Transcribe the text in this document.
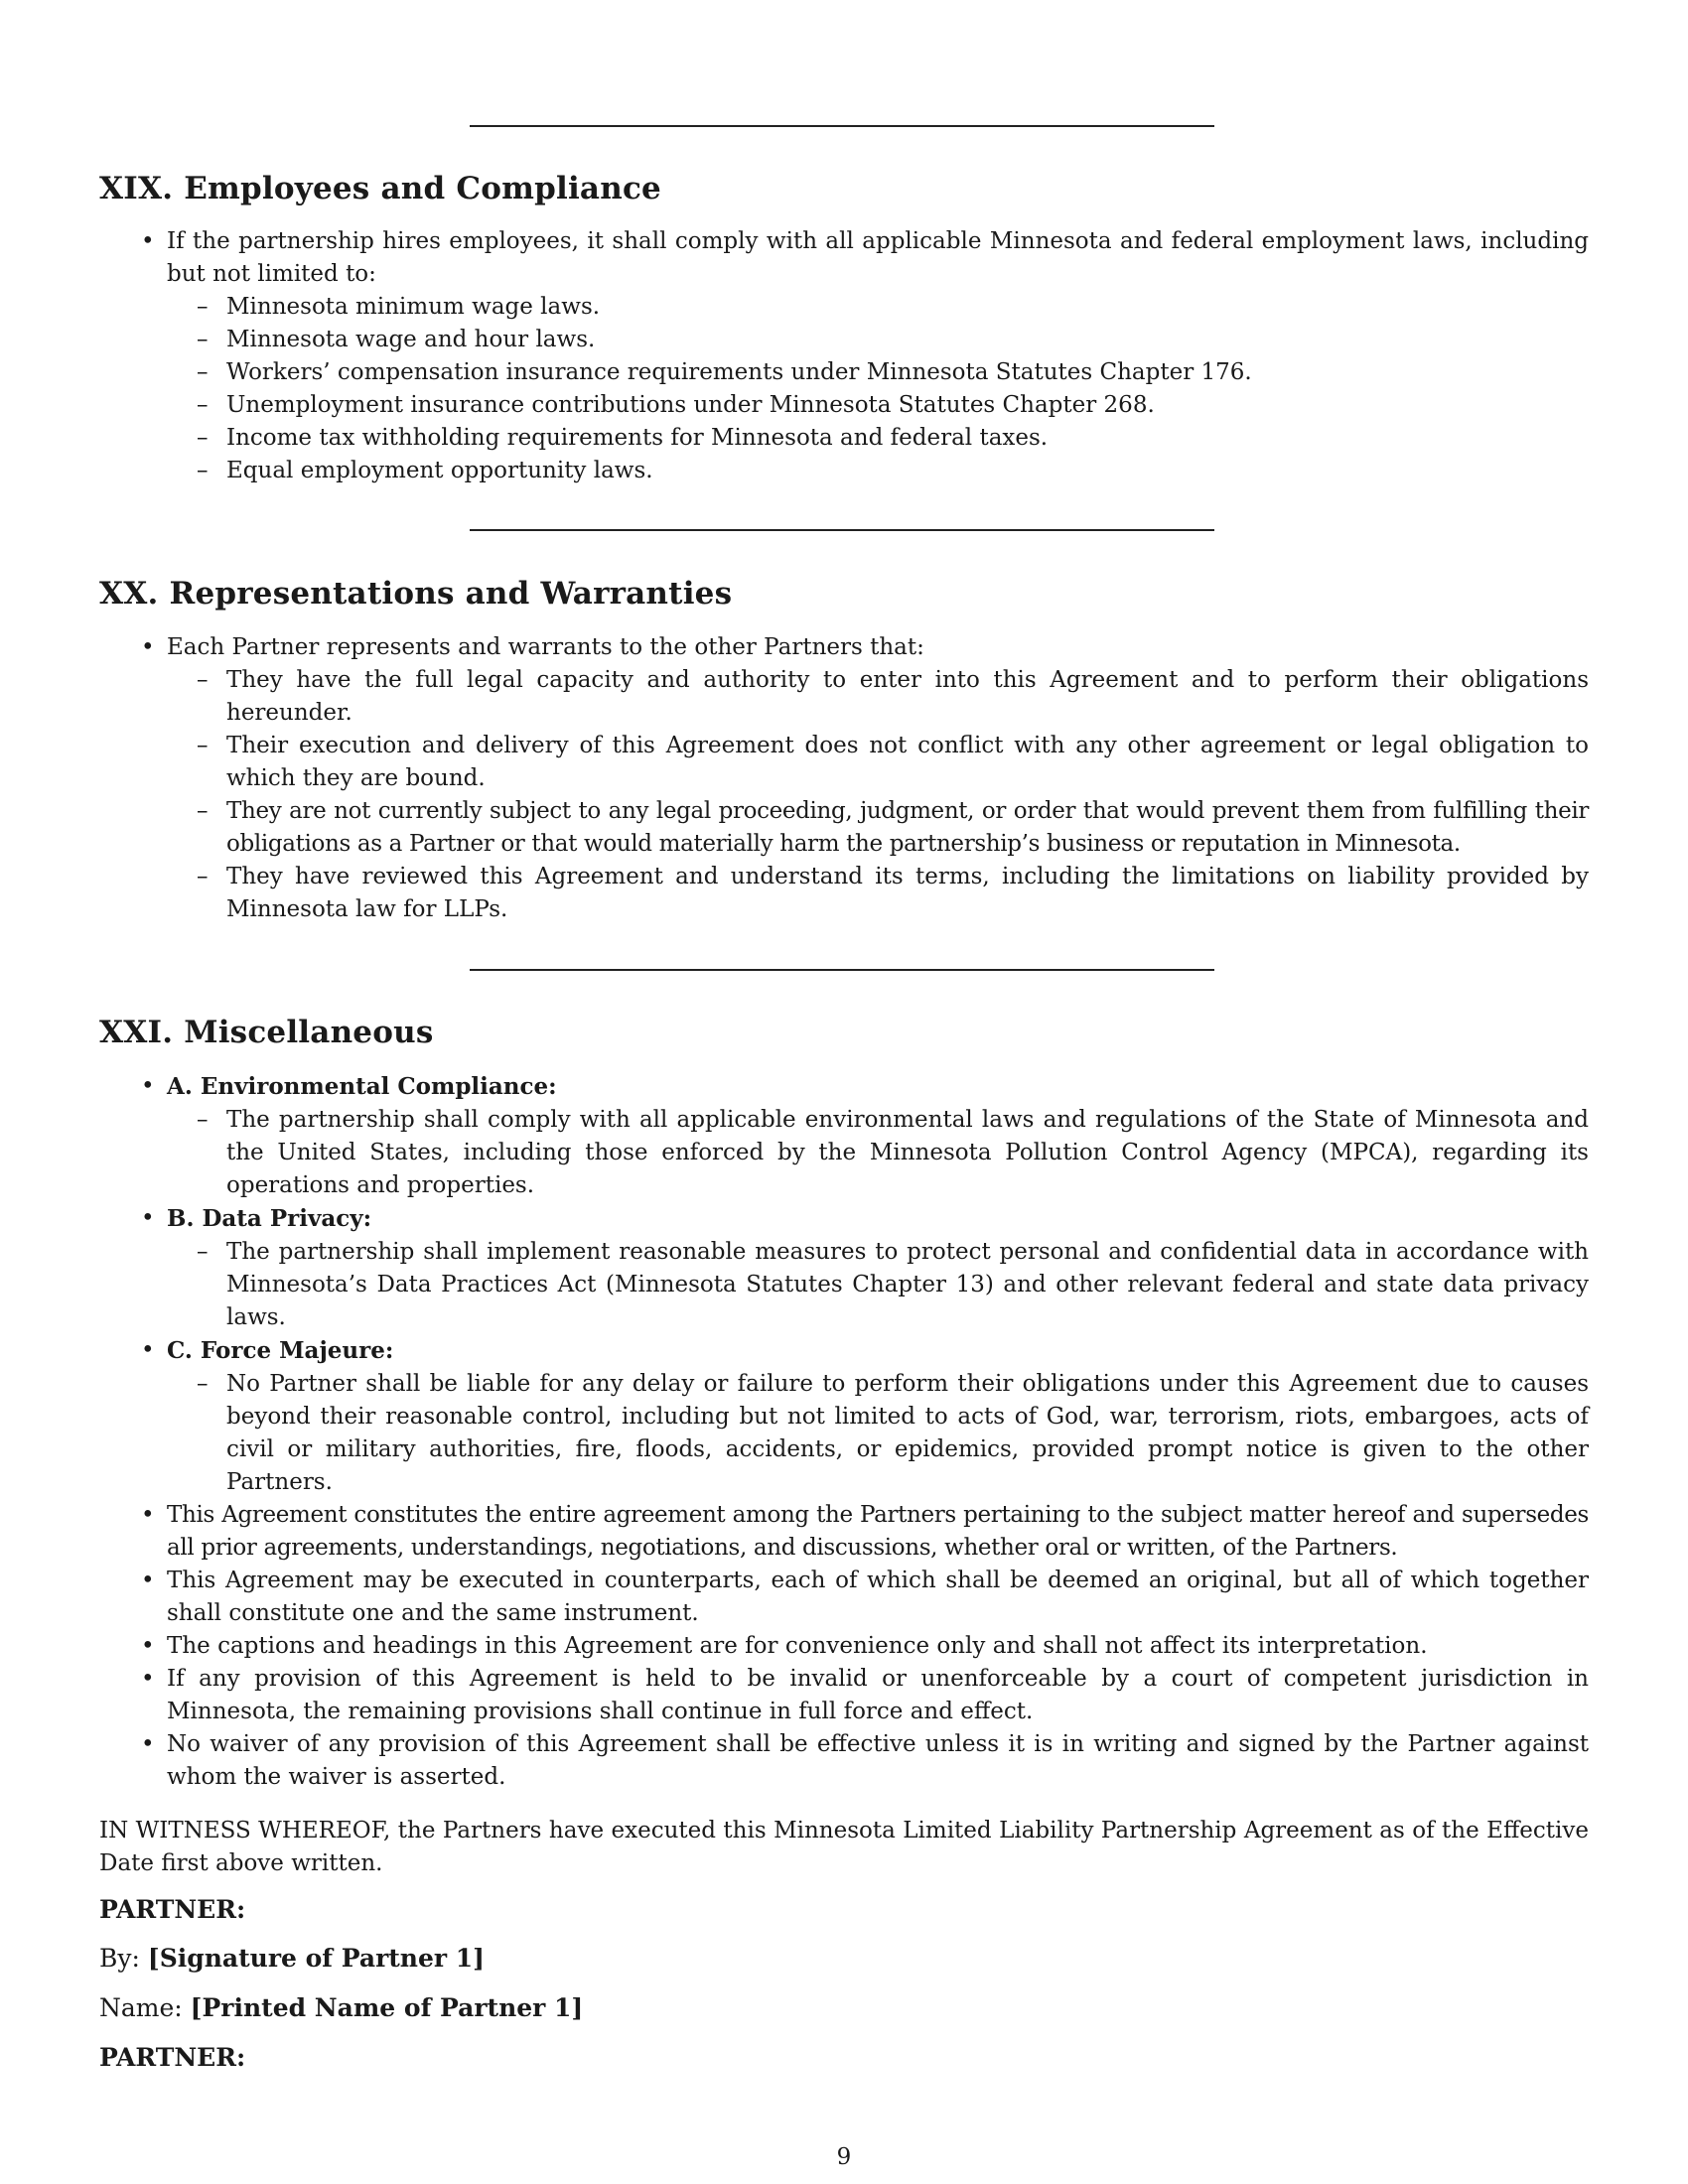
XIX. Employees and Compliance
• If the partnership hires employees, it shall comply with all applicable Minnesota and federal employment laws, including but not limited to:
– Minnesota minimum wage laws.
– Minnesota wage and hour laws.
– Workers’ compensation insurance requirements under Minnesota Statutes Chapter 176.
– Unemployment insurance contributions under Minnesota Statutes Chapter 268.
– Income tax withholding requirements for Minnesota and federal taxes.
– Equal employment opportunity laws.
XX. Representations and Warranties
• Each Partner represents and warrants to the other Partners that:
– They have the full legal capacity and authority to enter into this Agreement and to perform their obligations hereunder.
– Their execution and delivery of this Agreement does not conflict with any other agreement or legal obligation to which they are bound.
– They are not currently subject to any legal proceeding, judgment, or order that would prevent them from fulfilling their obligations as a Partner or that would materially harm the partnership’s business or reputation in Minnesota.
– They have reviewed this Agreement and understand its terms, including the limitations on liability provided by Minnesota law for LLPs.
XXI. Miscellaneous
• A. Environmental Compliance:
– The partnership shall comply with all applicable environmental laws and regulations of the State of Minnesota and the United States, including those enforced by the Minnesota Pollution Control Agency (MPCA), regarding its operations and properties.
• B. Data Privacy:
– The partnership shall implement reasonable measures to protect personal and confidential data in accordance with Minnesota’s Data Practices Act (Minnesota Statutes Chapter 13) and other relevant federal and state data privacy laws.
• C. Force Majeure:
– No Partner shall be liable for any delay or failure to perform their obligations under this Agreement due to causes beyond their reasonable control, including but not limited to acts of God, war, terrorism, riots, embargoes, acts of civil or military authorities, fire, floods, accidents, or epidemics, provided prompt notice is given to the other Partners.
• This Agreement constitutes the entire agreement among the Partners pertaining to the subject matter hereof and supersedes all prior agreements, understandings, negotiations, and discussions, whether oral or written, of the Partners.
• This Agreement may be executed in counterparts, each of which shall be deemed an original, but all of which together shall constitute one and the same instrument.
• The captions and headings in this Agreement are for convenience only and shall not affect its interpretation.
• If any provision of this Agreement is held to be invalid or unenforceable by a court of competent jurisdiction in Minnesota, the remaining provisions shall continue in full force and effect.
• No waiver of any provision of this Agreement shall be effective unless it is in writing and signed by the Partner against whom the waiver is asserted.

IN WITNESS WHEREOF, the Partners have executed this Minnesota Limited Liability Partnership Agreement as of the Effective Date first above written.

PARTNER:
By: [Signature of Partner 1]
Name: [Printed Name of Partner 1]
PARTNER:
9
